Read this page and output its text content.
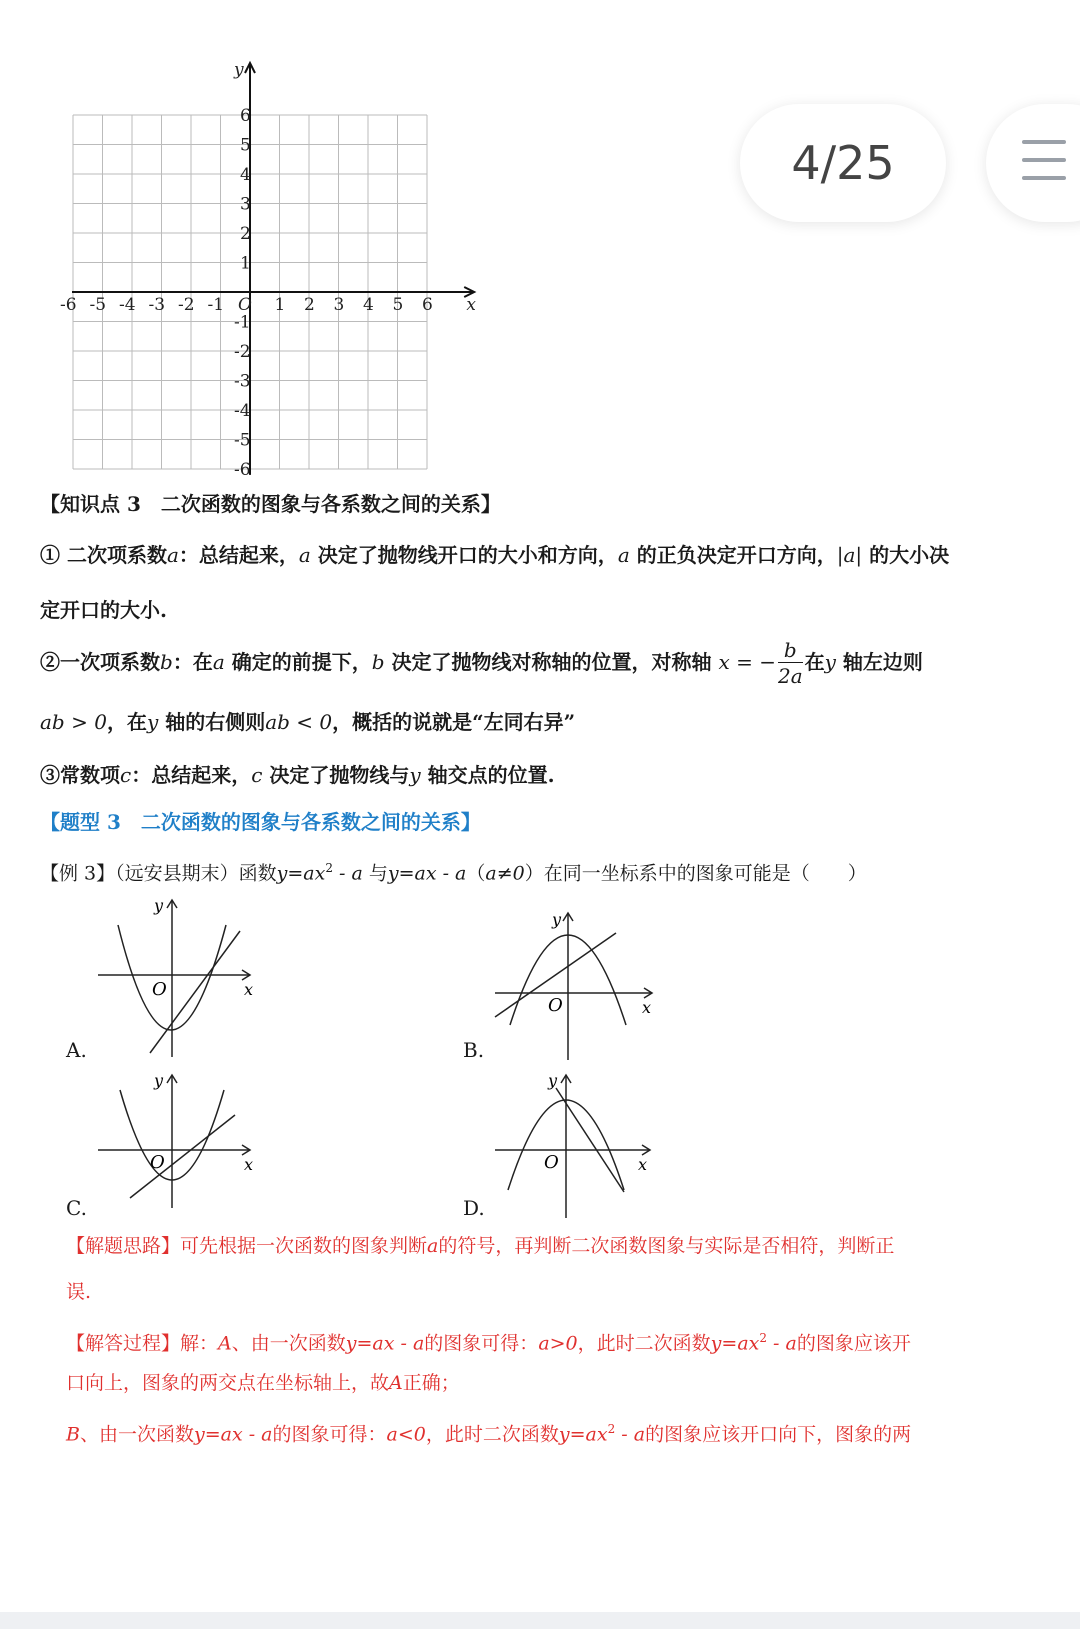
4/25
-6 -5 -4 -3 -2 -1	1 2 3 4 5 6
6
5
4
3
2
1
-1
-2
-3
-4
-5
-6
O	x
y
【知识点 3　二次函数的图象与各系数之间的关系】
① 二次项系数a：总结起来，a 决定了抛物线开口的大小和方向，a 的正负决定开口方向，|a| 的大小决
定开口的大小.
②一次项系数b：在a 确定的前提下，b 决定了抛物线对称轴的位置，对称轴 x = − $\frac{b}{2a}$ 在y 轴左边则
ab > 0，在y 轴的右侧则ab < 0，概括的说就是“左同右异”
③常数项c：总结起来，c 决定了抛物线与y 轴交点的位置.
【题型 3　二次函数的图象与各系数之间的关系】
【例 3】（远安县期末）函数$y=ax^2 - a$ 与y=ax - a（a≠0）在同一坐标系中的图象可能是（　　）
O	x
y
A.
O	x
y
B.
O	x
y
C.
O	x
y
D.
【解题思路】可先根据一次函数的图象判断a的符号，再判断二次函数图象与实际是否相符，判断正
误.
【解答过程】解：A、由一次函数y=ax - a的图象可得：a>0，此时二次函数$y=ax^2 - a$的图象应该开
口向上，图象的两交点在坐标轴上，故A正确；
B、由一次函数y=ax - a的图象可得：a<0，此时二次函数$y=ax^2 - a$的图象应该开口向下，图象的两
